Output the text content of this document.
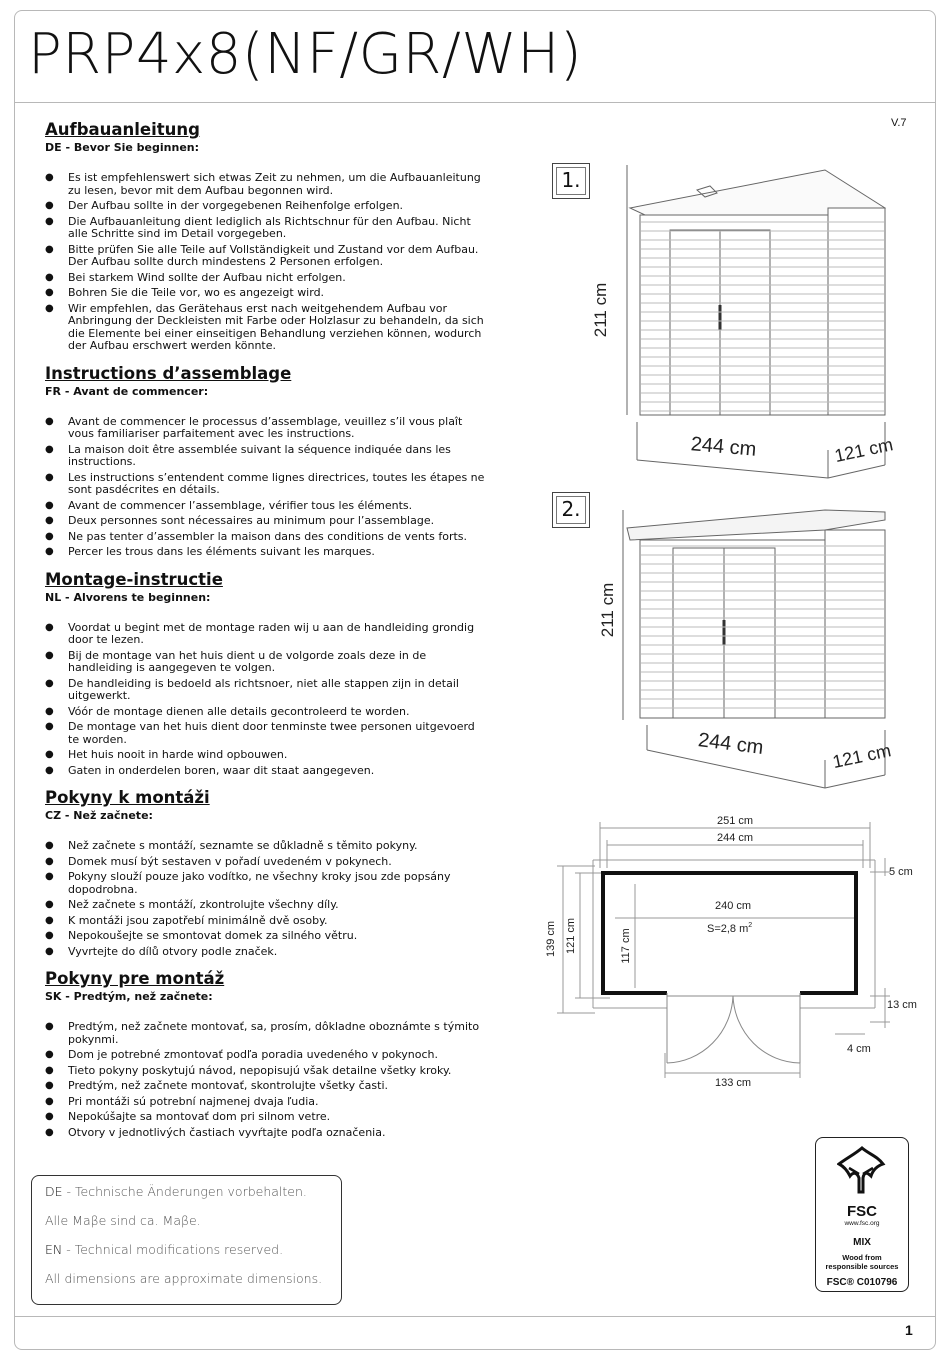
PRP4x8(NF/GR/WH)
V.7
Aufbauanleitung
DE - Bevor Sie beginnen:
● Es ist empfehlenswert sich etwas Zeit zu nehmen, um die Aufbauanleitung zu lesen, bevor mit dem Aufbau begonnen wird.
● Der Aufbau sollte in der vorgegebenen Reihenfolge erfolgen.
● Die Aufbauanleitung dient lediglich als Richtschnur für den Aufbau. Nicht alle Schritte sind im Detail vorgegeben.
● Bitte prüfen Sie alle Teile auf Vollständigkeit und Zustand vor dem Aufbau. Der Aufbau sollte durch mindestens 2 Personen erfolgen.
● Bei starkem Wind sollte der Aufbau nicht erfolgen.
● Bohren Sie die Teile vor, wo es angezeigt wird.
● Wir empfehlen, das Gerätehaus erst nach weitgehendem Aufbau vor Anbringung der Deckleisten mit Farbe oder Holzlasur zu behandeln, da sich die Elemente bei einer einseitigen Behandlung verziehen können, wodurch der Aufbau erschwert werden könnte.
Instructions d’assemblage
FR - Avant de commencer:
● Avant de commencer le processus d’assemblage, veuillez s’il vous plaît vous familiariser parfaitement avec les instructions.
● La maison doit être assemblée suivant la séquence indiquée dans les instructions.
● Les instructions s’entendent comme lignes directrices, toutes les étapes ne sont pasdécrites en détails.
● Avant de commencer l’assemblage, vérifier tous les éléments.
● Deux personnes sont nécessaires au minimum pour l’assemblage.
● Ne pas tenter d’assembler la maison dans des conditions de vents forts.
● Percer les trous dans les éléments suivant les marques.
Montage-instructie
NL - Alvorens te beginnen:
● Voordat u begint met de montage raden wij u aan de handleiding grondig door te lezen.
● Bij de montage van het huis dient u de volgorde zoals deze in de handleiding is aangegeven te volgen.
● De handleiding is bedoeld als richtsnoer, niet alle stappen zijn in detail uitgewerkt.
● Vóór de montage dienen alle details gecontroleerd te worden.
● De montage van het huis dient door tenminste twee personen uitgevoerd te worden.
● Het huis nooit in harde wind opbouwen.
● Gaten in onderdelen boren, waar dit staat aangegeven.
Pokyny k montáži
CZ - Než začnete:
● Než začnete s montáží, seznamte se důkladně s těmito pokyny.
● Domek musí být sestaven v pořadí uvedeném v pokynech.
● Pokyny slouží pouze jako vodítko, ne všechny kroky jsou zde popsány dopodrobna.
● Než začnete s montáží, zkontrolujte všechny díly.
● K montáži jsou zapotřebí minimálně dvě osoby.
● Nepokoušejte se smontovat domek za silného větru.
● Vyvrtejte do dílů otvory podle značek.
Pokyny pre montáž
SK - Predtým, než začnete:
● Predtým, než začnete montovať, sa, prosím, dôkladne oboznámte s týmito pokynmi.
● Dom je potrebné zmontovať podľa poradia uvedeného v pokynoch.
● Tieto pokyny poskytujú návod, nepopisujú však detailne všetky kroky.
● Predtým, než začnete montovať, skontrolujte všetky časti.
● Pri montáži sú potrební najmenej dvaja ľudia.
● Nepokúšajte sa montovať dom pri silnom vetre.
● Otvory v jednotlivých častiach vyvŕtajte podľa označenia.

DE - Technische Änderungen vorbehalten.

Alle Maβe sind ca. Maβe.

EN - Technical modifications reserved.

All dimensions are approximate dimensions.

1.
2.
211 cm
244 cm	121 cm
211 cm
244 cm	121 cm
251 cm
244 cm
240 cm
S=2,8 $m^2$
139 cm 121 cm	117 cm
5 cm
13 cm
4 cm
133 cm
FSC
www.fsc.org
MIX
Wood from
responsible sources
FSC® C010796
1
